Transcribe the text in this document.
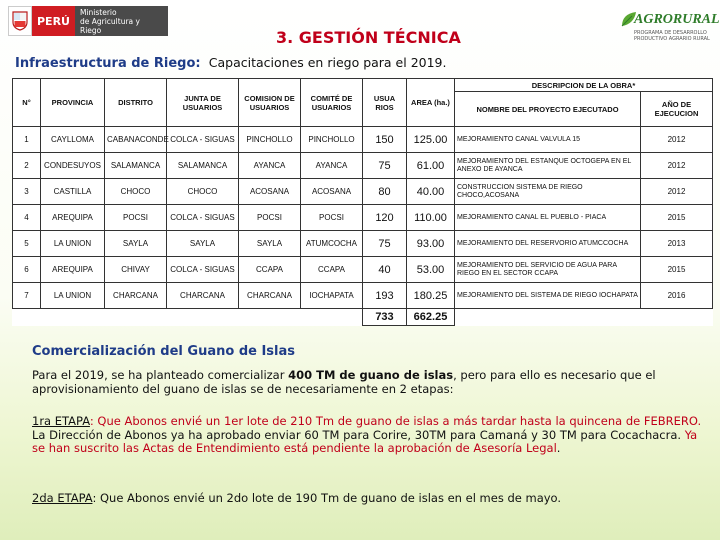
PERÚ
Ministerio
de Agricultura y Riego
AGRORURAL
PROGRAMA DE DESARROLLO PRODUCTIVO AGRARIO RURAL
3. GESTIÓN TÉCNICA
Infraestructura de Riego: Capacitaciones en riego para el 2019.
N°	PROVINCIA	DISTRITO	JUNTA DE USUARIOS	COMISION DE USUARIOS	COMITÉ DE USUARIOS	USUA RIOS	AREA (ha.)	DESCRIPCION DE LA OBRA*	
								NOMBRE DEL PROYECTO EJECUTADO	AÑO DE EJECUCION
1	CAYLLOMA	CABANACONDE	COLCA - SIGUAS	PINCHOLLO	PINCHOLLO	150	125.00	MEJORAMIENTO CANAL VALVULA 15	2012
2	CONDESUYOS	SALAMANCA	SALAMANCA	AYANCA	AYANCA	75	61.00	MEJORAMIENTO DEL ESTANQUE OCTOGEPA EN EL ANEXO DE AYANCA	2012
3	CASTILLA	CHOCO	CHOCO	ACOSANA	ACOSANA	80	40.00	CONSTRUCCION SISTEMA DE RIEGO CHOCO,ACOSANA	2012
4	AREQUIPA	POCSI	COLCA - SIGUAS	POCSI	POCSI	120	110.00	MEJORAMIENTO CANAL EL PUEBLO - PIACA	2015
5	LA UNION	SAYLA	SAYLA	SAYLA	ATUMCOCHA	75	93.00	MEJORAMIENTO DEL RESERVORIO ATUMCCOCHA	2013
6	AREQUIPA	CHIVAY	COLCA - SIGUAS	CCAPA	CCAPA	40	53.00	MEJORAMIENTO DEL SERVICIO DE AGUA PARA RIEGO EN EL SECTOR CCAPA	2015
7	LA UNION	CHARCANA	CHARCANA	CHARCANA	IOCHAPATA	193	180.25	MEJORAMIENTO DEL SISTEMA DE RIEGO IOCHAPATA	2016
						733	662.25		
Comercialización del Guano de Islas
Para el 2019, se ha planteado comercializar 400 TM de guano de islas, pero para ello es necesario que el aprovisionamiento del guano de islas se de necesariamente en 2 etapas:
1ra ETAPA: Que Abonos envié un 1er lote de 210 Tm de guano de islas a más tardar hasta la quincena de FEBRERO. La Dirección de Abonos ya ha aprobado enviar 60 TM para Corire, 30TM para Camaná y 30 TM para Cocachacra. Ya se han suscrito las Actas de Entendimiento está pendiente la aprobación de Asesoría Legal.
2da ETAPA: Que Abonos envié un 2do lote de 190 Tm de guano de islas en el mes de mayo.
